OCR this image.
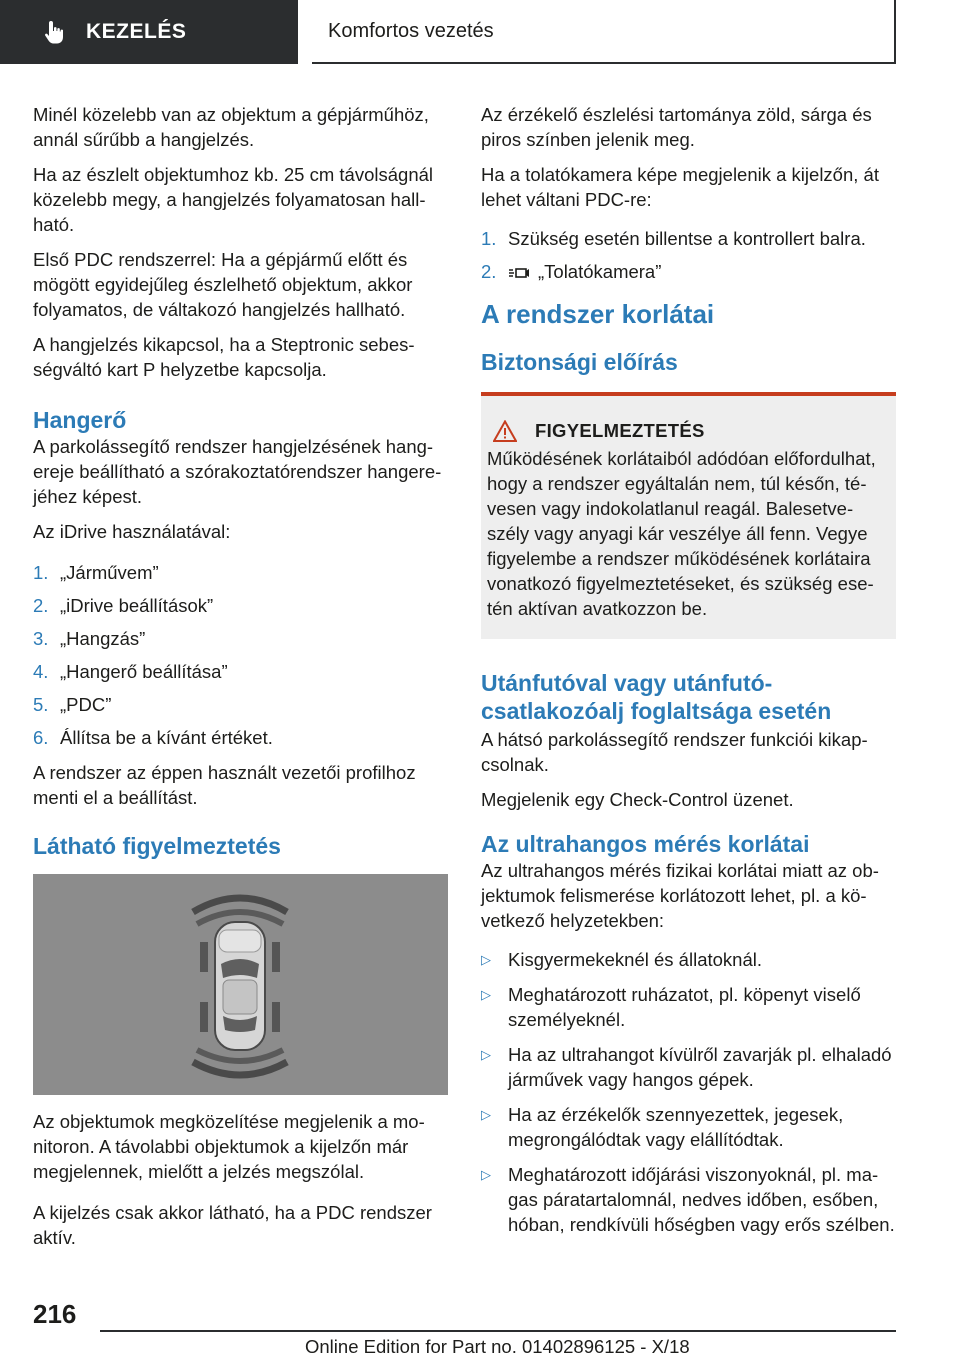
KEZELÉS	Komfortos vezetés

Minél közelebb van az objektum a gépjárműhöz, annál sűrűbb a hangjelzés.

Ha az észlelt objektumhoz kb. 25 cm távolságnál közelebb megy, a hangjelzés folyamatosan hallható.

Első PDC rendszerrel: Ha a gépjármű előtt és mögött egyidejűleg észlelhető objektum, akkor folyamatos, de váltakozó hangjelzés hallható.

A hangjelzés kikapcsol, ha a Steptronic sebességváltó kart P helyzetbe kapcsolja.

Hangerő

A parkolássegítő rendszer hangjelzésének hangereje beállítható a szórakoztatórendszer hangerejéhez képest.

Az iDrive használatával:

1. „Járművem”
2. „iDrive beállítások”
3. „Hangzás”
4. „Hangerő beállítása”
5. „PDC”
6. Állítsa be a kívánt értéket.

A rendszer az éppen használt vezetői profilhoz menti el a beállítást.

Látható figyelmeztetés

Az objektumok megközelítése megjelenik a monitoron. A távolabbi objektumok a kijelzőn már megjelennek, mielőtt a jelzés megszólal.

A kijelzés csak akkor látható, ha a PDC rendszer aktív.

Az érzékelő észlelési tartománya zöld, sárga és piros színben jelenik meg.

Ha a tolatókamera képe megjelenik a kijelzőn, át lehet váltani PDC-re:

1. Szükség esetén billentse a kontrollert balra.
2.	„Tolatókamera”
A rendszer korlátai
Biztonsági előírás
FIGYELMEZTETÉS

Működésének korlátaiból adódóan előfordulhat, hogy a rendszer egyáltalán nem, túl későn, tévesen vagy indokolatlanul reagál. Balesetveszély vagy anyagi kár veszélye áll fenn. Vegye figyelembe a rendszer működésének korlátaira vonatkozó figyelmeztetéseket, és szükség esetén aktívan avatkozzon be.

Utánfutóval vagy utánfutócsatlakozóalj foglaltsága esetén

A hátsó parkolássegítő rendszer funkciói kikapcsolnak.

Megjelenik egy Check-Control üzenet.

Az ultrahangos mérés korlátai

Az ultrahangos mérés fizikai korlátai miatt az objektumok felismerése korlátozott lehet, pl. a következő helyzetekben:

▷ Kisgyermekeknél és állatoknál.
▷ Meghatározott ruházatot, pl. köpenyt viselő személyeknél.
▷ Ha az ultrahangot kívülről zavarják pl. elhaladó járművek vagy hangos gépek.
▷ Ha az érzékelők szennyezettek, jegesek, megrongálódtak vagy elállítódtak.
▷ Meghatározott időjárási viszonyoknál, pl. magas páratartalomnál, nedves időben, esőben, hóban, rendkívüli hőségben vagy erős szélben.
216
Online Edition for Part no. 01402896125 - X/18
